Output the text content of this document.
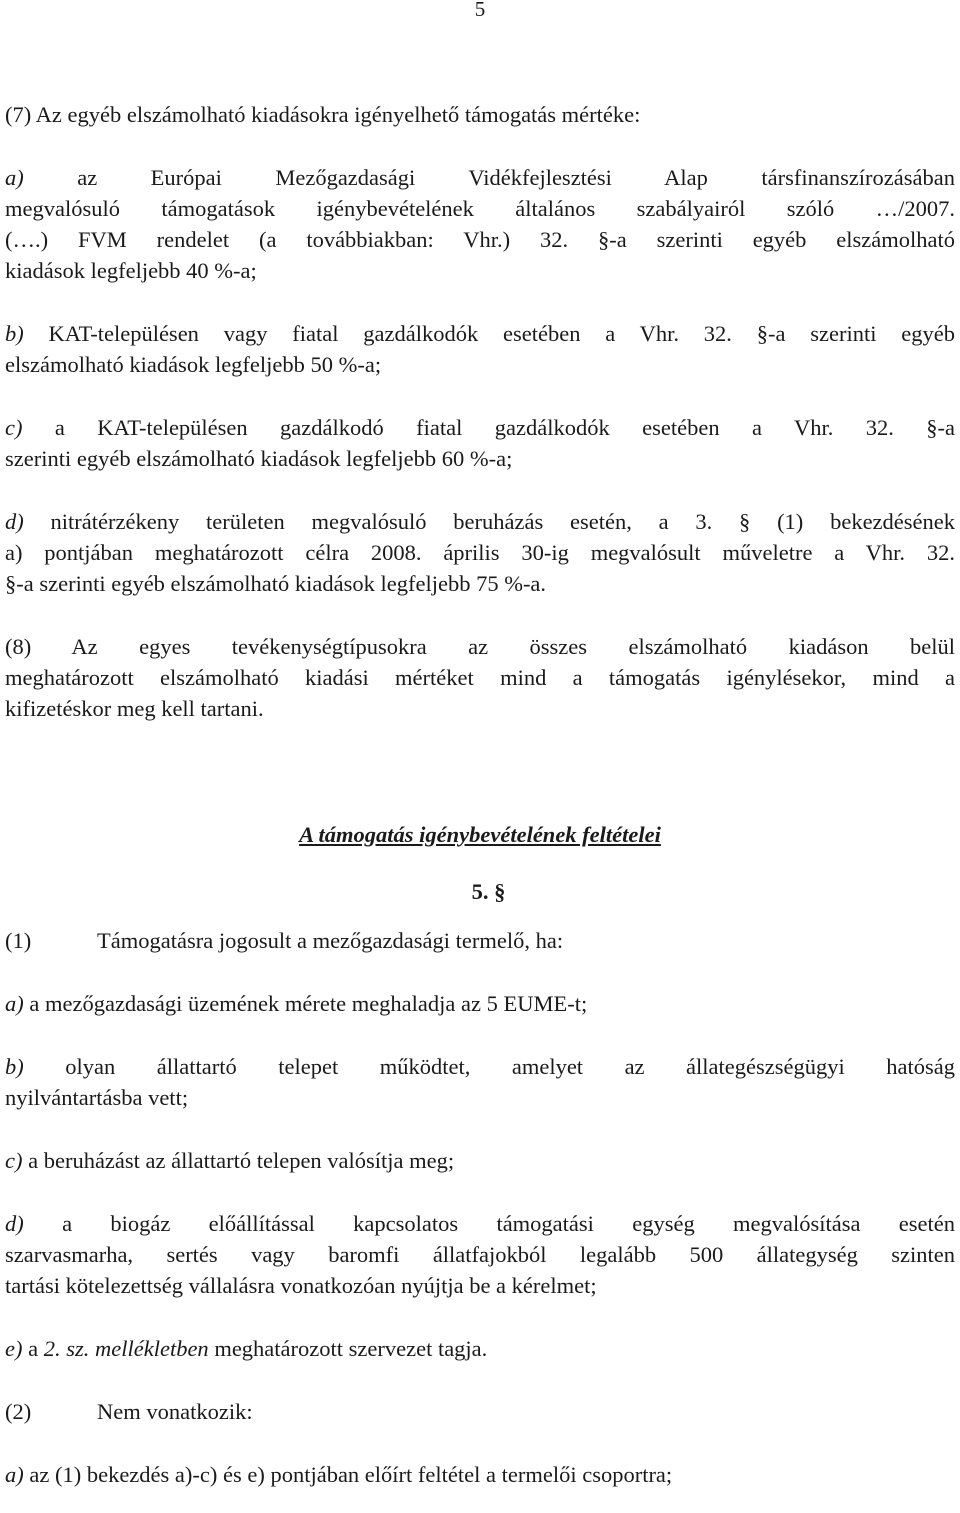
5

(7) Az egyéb elszámolható kiadásokra igényelhető támogatás mértéke:

a) az Európai Mezőgazdasági Vidékfejlesztési Alap társfinanszírozásában

megvalósuló támogatások igénybevételének általános szabályairól szóló …/2007.

(….) FVM rendelet (a továbbiakban: Vhr.) 32. §-a szerinti egyéb elszámolható

kiadások legfeljebb 40 %-a;

b) KAT-településen vagy fiatal gazdálkodók esetében a Vhr. 32. §-a szerinti egyéb

elszámolható kiadások legfeljebb 50 %-a;

c) a KAT-településen gazdálkodó fiatal gazdálkodók esetében a Vhr. 32. §-a

szerinti egyéb elszámolható kiadások legfeljebb 60 %-a;

d) nitrátérzékeny területen megvalósuló beruházás esetén, a 3. § (1) bekezdésének

a) pontjában meghatározott célra 2008. április 30-ig megvalósult műveletre a Vhr. 32.

§-a szerinti egyéb elszámolható kiadások legfeljebb 75 %-a.

(8) Az egyes tevékenységtípusokra az összes elszámolható kiadáson belül

meghatározott elszámolható kiadási mértéket mind a támogatás igénylésekor, mind a

kifizetéskor meg kell tartani.

A támogatás igénybevételének feltételei

5. §

(1)	Támogatásra jogosult a mezőgazdasági termelő, ha:

a) a mezőgazdasági üzemének mérete meghaladja az 5 EUME-t;

b) olyan állattartó telepet működtet, amelyet az állategészségügyi hatóság

nyilvántartásba vett;

c) a beruházást az állattartó telepen valósítja meg;

d) a biogáz előállítással kapcsolatos támogatási egység megvalósítása esetén

szarvasmarha, sertés vagy baromfi állatfajokból legalább 500 állategység szinten

tartási kötelezettség vállalásra vonatkozóan nyújtja be a kérelmet;

e) a 2. sz. mellékletben meghatározott szervezet tagja.

(2)	Nem vonatkozik:

a) az (1) bekezdés a)-c) és e) pontjában előírt feltétel a termelői csoportra;
